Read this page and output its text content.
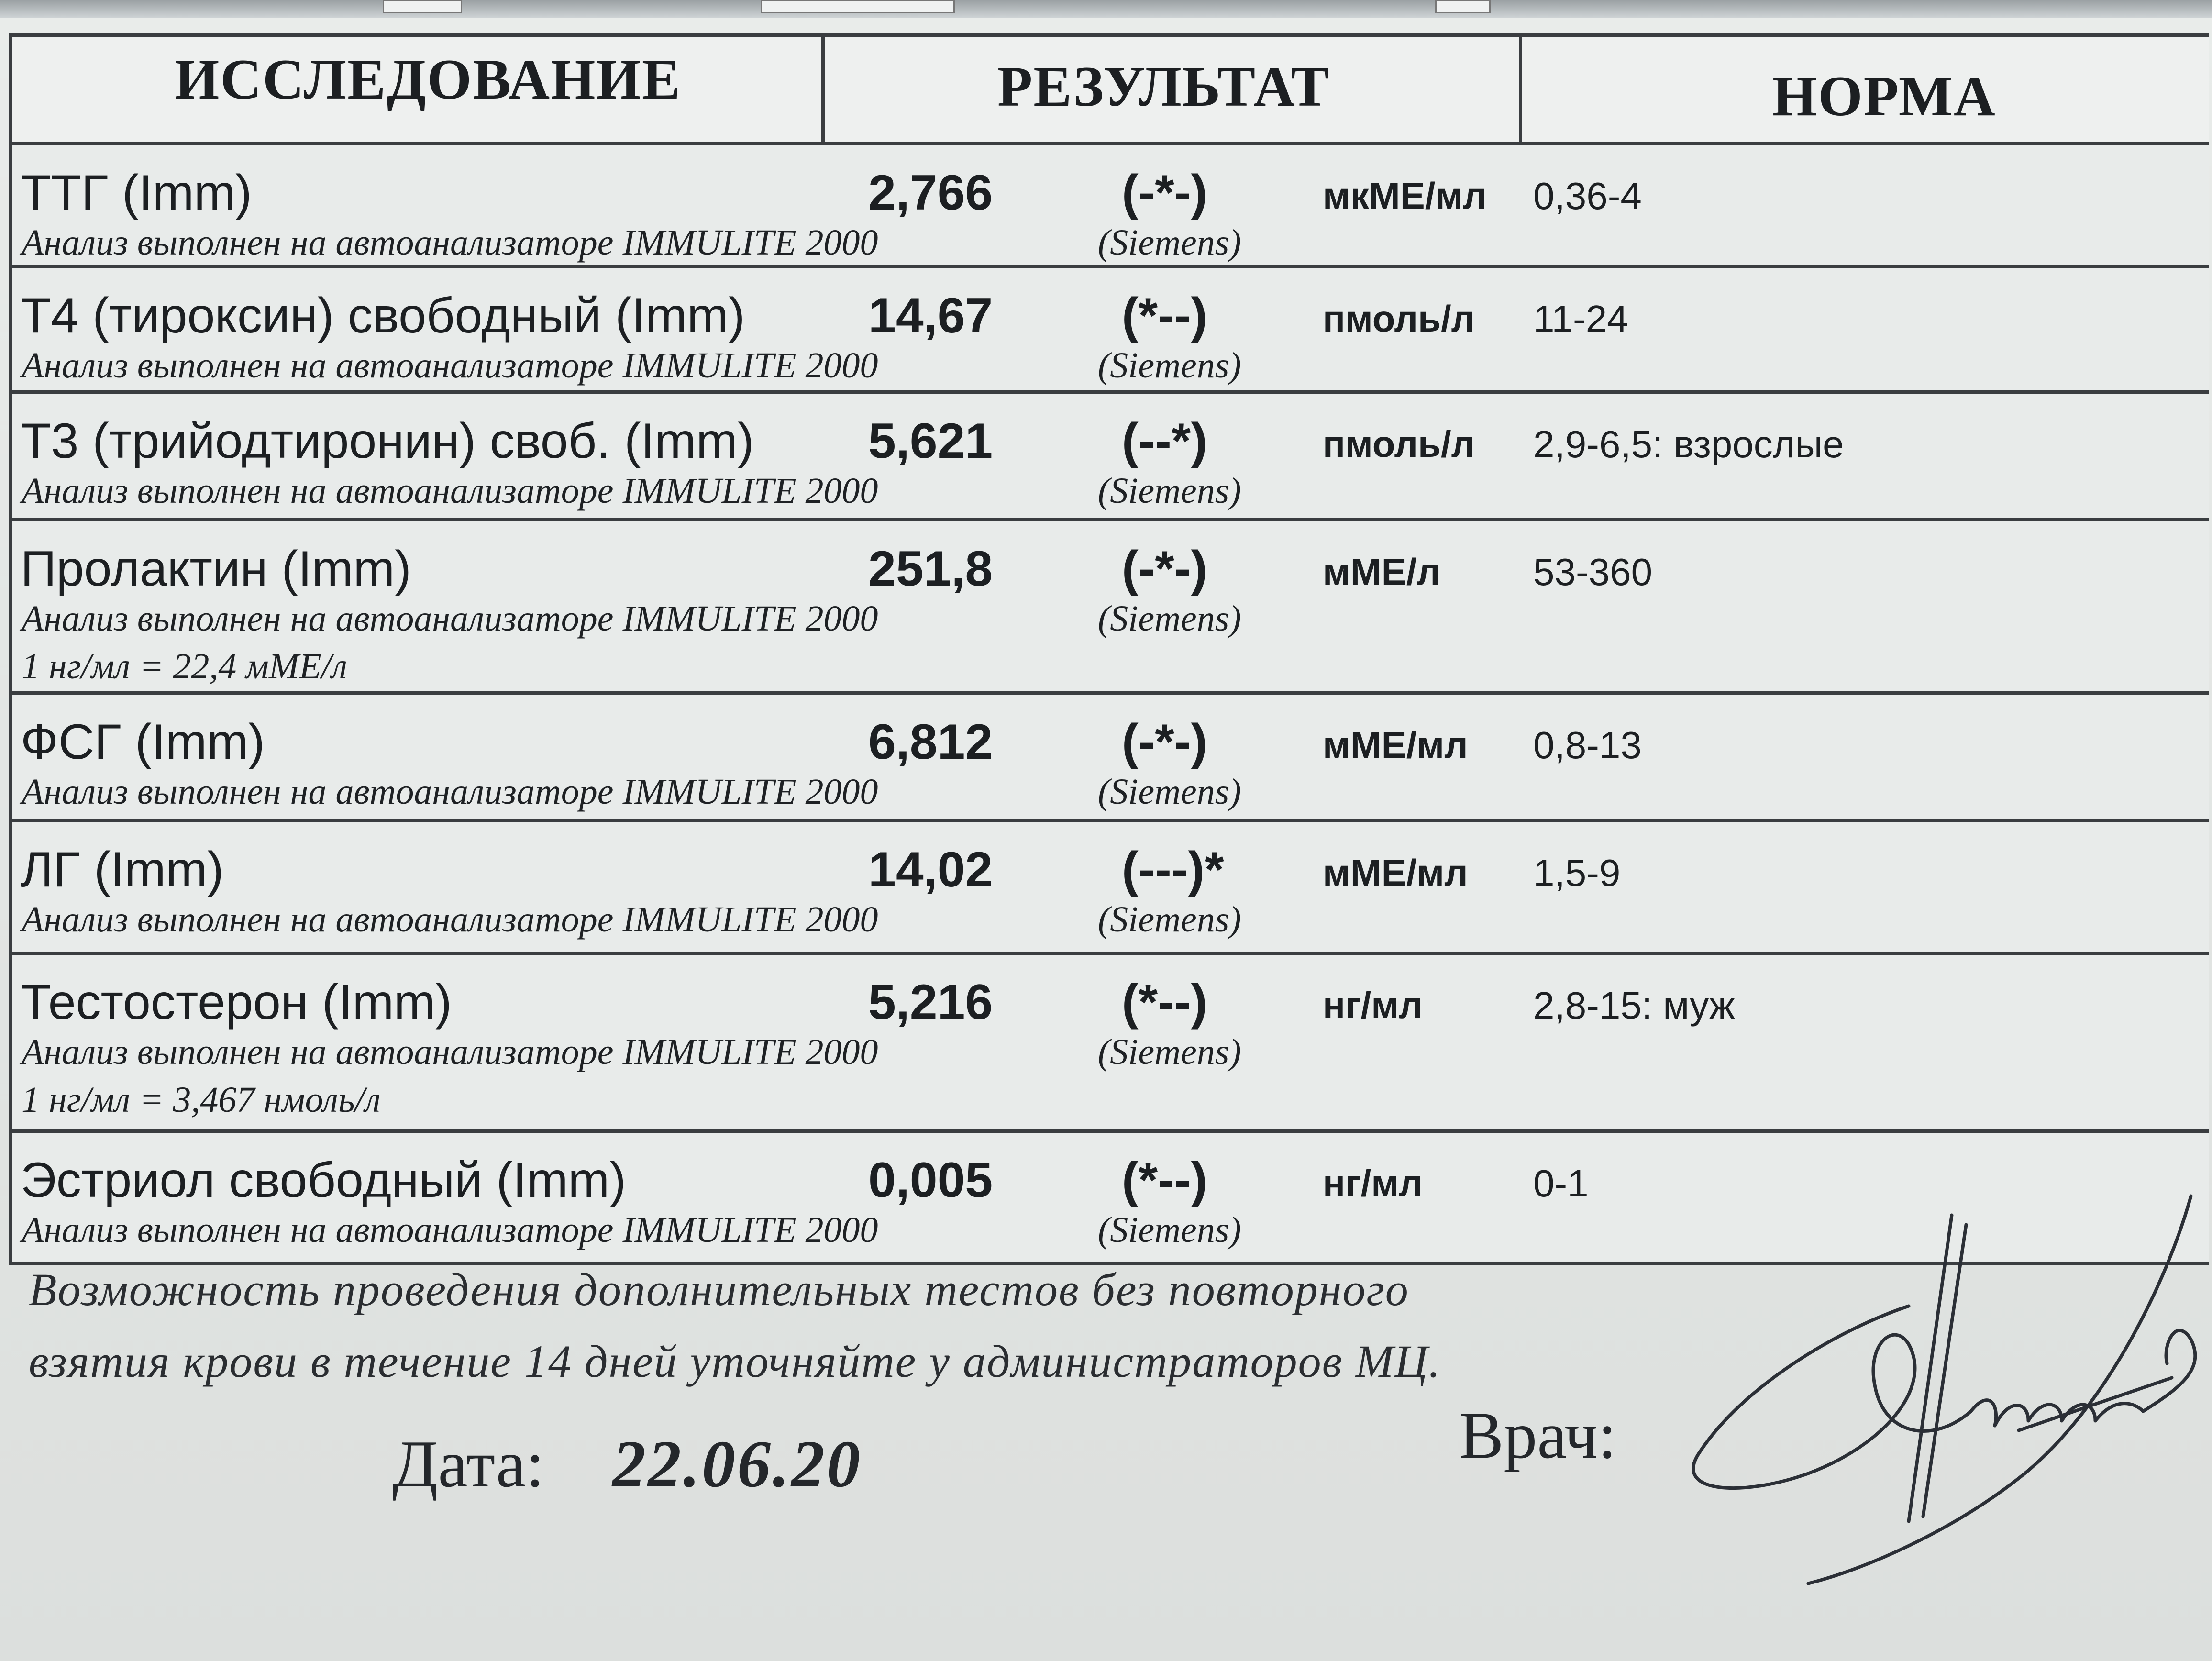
ИССЛЕДОВАНИЕ	РЕЗУЛЬТАТ	НОРМА
ТТГ (Imm)	2,766	(-*-)	мкМЕ/мл 0,36-4
Анализ выполнен на автоанализаторе IMMULITE 2000	(Siemens)
Т4 (тироксин) свободный (Imm) 14,67	(*--)	пмоль/л 11-24
Анализ выполнен на автоанализаторе IMMULITE 2000	(Siemens)
Т3 (трийодтиронин) своб. (Imm) 5,621	(--*)	пмоль/л 2,9-6,5: взрослые
Анализ выполнен на автоанализаторе IMMULITE 2000	(Siemens)
Пролактин (Imm)	251,8	(-*-)	мМЕ/л 53-360
Анализ выполнен на автоанализаторе IMMULITE 2000	(Siemens)
1 нг/мл = 22,4 мМЕ/л
ФСГ (Imm)	6,812	(-*-)	мМЕ/мл 0,8-13
Анализ выполнен на автоанализаторе IMMULITE 2000	(Siemens)
ЛГ (Imm)	14,02	(---)*	мМЕ/мл 1,5-9
Анализ выполнен на автоанализаторе IMMULITE 2000	(Siemens)
Тестостерон (Imm)	5,216	(*--)	нг/мл	2,8-15: муж
Анализ выполнен на автоанализаторе IMMULITE 2000	(Siemens)
1 нг/мл = 3,467 нмоль/л
Эстриол свободный (Imm)	0,005	(*--)	нг/мл	0-1
Анализ выполнен на автоанализаторе IMMULITE 2000	(Siemens)
Возможность проведения дополнительных тестов без повторного
взятия крови в течение 14 дней уточняйте у администраторов МЦ.
Дата: 22.06.20	Врач:
